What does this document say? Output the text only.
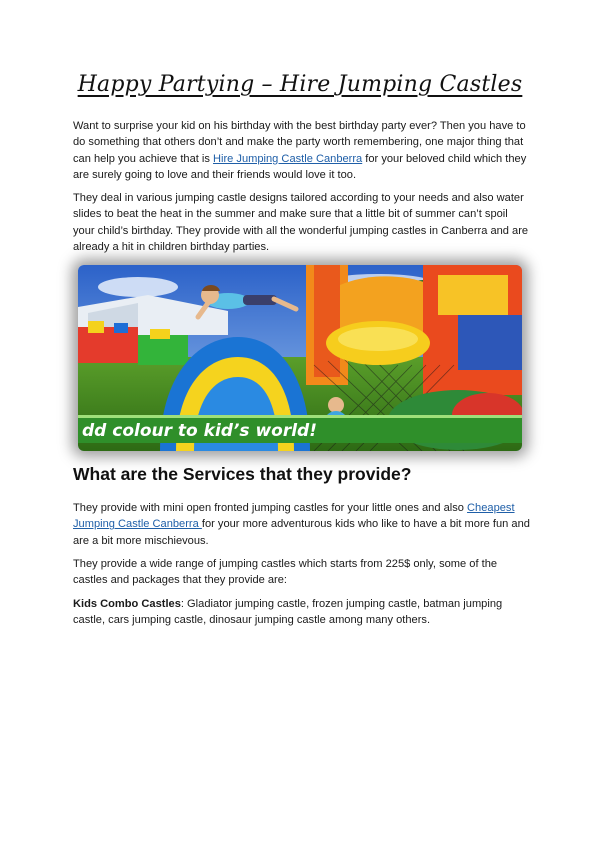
Happy Partying – Hire Jumping Castles

Want to surprise your kid on his birthday with the best birthday party ever? Then you have to do something that others don’t and make the party worth remembering, one major thing that can help you achieve that is Hire Jumping Castle Canberra for your beloved child which they are surely going to love and their friends would love it too.

They deal in various jumping castle designs tailored according to your needs and also water slides to beat the heat in the summer and make sure that a little bit of summer can’t spoil your child’s birthday. They provide with all the wonderful jumping castles in Canberra and are already a hit in children birthday parties.

dd colour to kid’s world!
What are the Services that they provide?

They provide with mini open fronted jumping castles for your little ones and also Cheapest Jumping Castle Canberra for your more adventurous kids who like to have a bit more fun and are a bit more mischievous.

They provide a wide range of jumping castles which starts from 225$ only, some of the castles and packages that they provide are:

Kids Combo Castles: Gladiator jumping castle, frozen jumping castle, batman jumping castle, cars jumping castle, dinosaur jumping castle among many others.
